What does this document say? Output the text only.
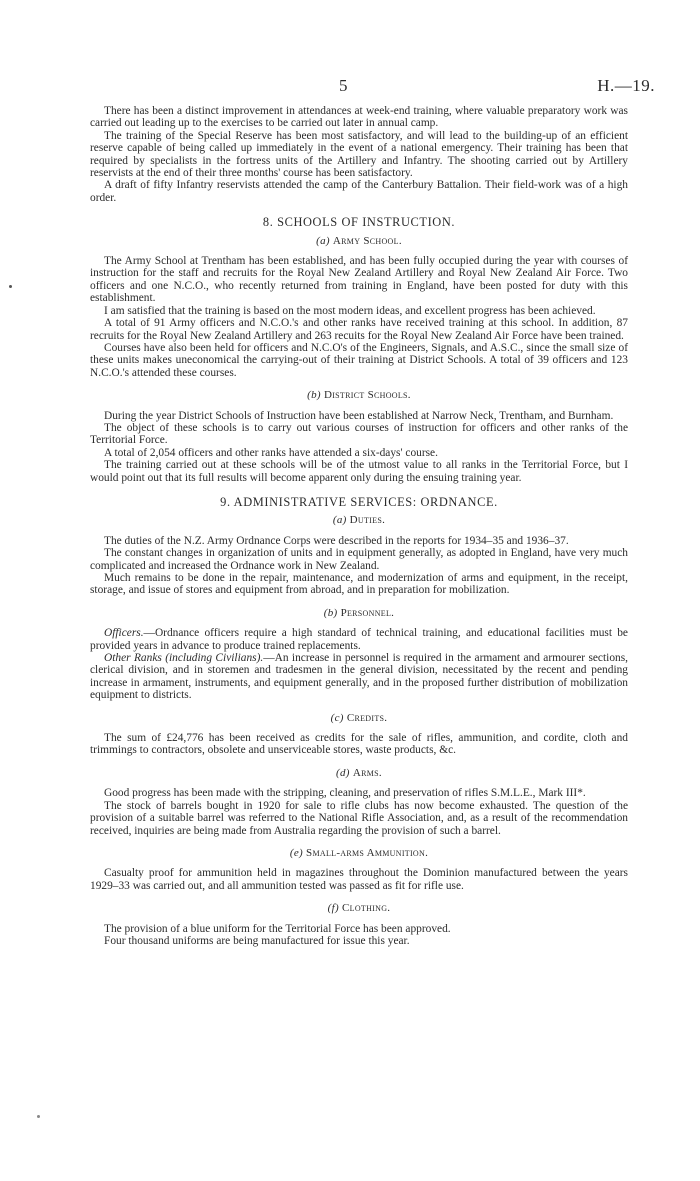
5	H.—19.

There has been a distinct improvement in attendances at week-end training, where valuable preparatory work was carried out leading up to the exercises to be carried out later in annual camp.

The training of the Special Reserve has been most satisfactory, and will lead to the building-up of an efficient reserve capable of being called up immediately in the event of a national emergency. Their training has been that required by specialists in the fortress units of the Artillery and Infantry. The shooting carried out by Artillery reservists at the end of their three months' course has been satisfactory.

A draft of fifty Infantry reservists attended the camp of the Canterbury Battalion. Their field-work was of a high order.

8. SCHOOLS OF INSTRUCTION.
(a) Army School.

The Army School at Trentham has been established, and has been fully occupied during the year with courses of instruction for the staff and recruits for the Royal New Zealand Artillery and Royal New Zealand Air Force. Two officers and one N.C.O., who recently returned from training in England, have been posted for duty with this establishment.

I am satisfied that the training is based on the most modern ideas, and excellent progress has been achieved.

A total of 91 Army officers and N.C.O.'s and other ranks have received training at this school. In addition, 87 recruits for the Royal New Zealand Artillery and 263 recuits for the Royal New Zealand Air Force have been trained.

Courses have also been held for officers and N.C.O's of the Engineers, Signals, and A.S.C., since the small size of these units makes uneconomical the carrying-out of their training at District Schools. A total of 39 officers and 123 N.C.O.'s attended these courses.

(b) District Schools.

During the year District Schools of Instruction have been established at Narrow Neck, Trentham, and Burnham.

The object of these schools is to carry out various courses of instruction for officers and other ranks of the Territorial Force.

A total of 2,054 officers and other ranks have attended a six-days' course.

The training carried out at these schools will be of the utmost value to all ranks in the Territorial Force, but I would point out that its full results will become apparent only during the ensuing training year.

9. ADMINISTRATIVE SERVICES: ORDNANCE.
(a) Duties.

The duties of the N.Z. Army Ordnance Corps were described in the reports for 1934–35 and 1936–37.

The constant changes in organization of units and in equipment generally, as adopted in England, have very much complicated and increased the Ordnance work in New Zealand.

Much remains to be done in the repair, maintenance, and modernization of arms and equipment, in the receipt, storage, and issue of stores and equipment from abroad, and in preparation for mobilization.

(b) Personnel.

Officers.—Ordnance officers require a high standard of technical training, and educational facilities must be provided years in advance to produce trained replacements.

Other Ranks (including Civilians).—An increase in personnel is required in the armament and armourer sections, clerical division, and in storemen and tradesmen in the general division, necessitated by the recent and pending increase in armament, instruments, and equipment generally, and in the proposed further distribution of mobilization equipment to districts.

(c) Credits.

The sum of £24,776 has been received as credits for the sale of rifles, ammunition, and cordite, cloth and trimmings to contractors, obsolete and unserviceable stores, waste products, &c.

(d) Arms.

Good progress has been made with the stripping, cleaning, and preservation of rifles S.M.L.E., Mark III*.

The stock of barrels bought in 1920 for sale to rifle clubs has now become exhausted. The question of the provision of a suitable barrel was referred to the National Rifle Association, and, as a result of the recommendation received, inquiries are being made from Australia regarding the provision of such a barrel.

(e) Small-arms Ammunition.

Casualty proof for ammunition held in magazines throughout the Dominion manufactured between the years 1929–33 was carried out, and all ammunition tested was passed as fit for rifle use.

(f) Clothing.

The provision of a blue uniform for the Territorial Force has been approved.

Four thousand uniforms are being manufactured for issue this year.
